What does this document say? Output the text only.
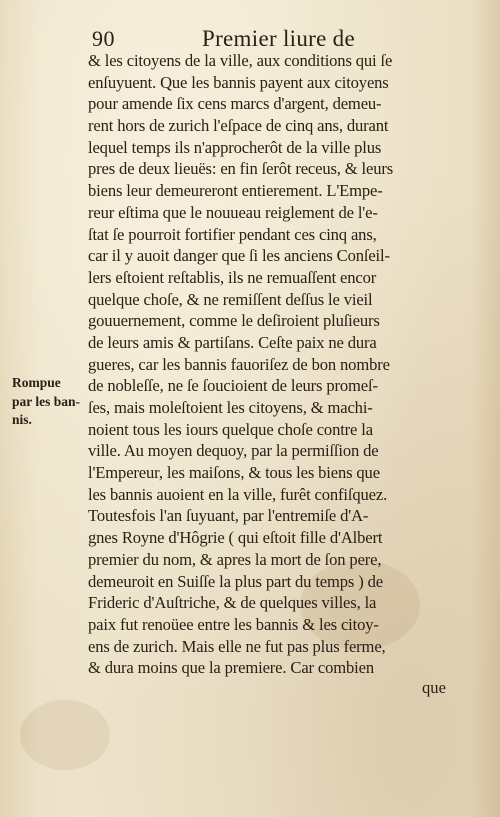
90	Premier liure de
Rompue
par les ban-
nis.
& les citoyens de la ville, aux conditions qui ſe
enſuyuent. Que les bannis payent aux citoyens
pour amende ſix cens marcs d'argent, demeu-
rent hors de zurich l'eſpace de cinq ans, durant
lequel temps ils n'approcherôt de la ville plus
pres de deux lieuës: en fin ſerôt receus, & leurs
biens leur demeureront entierement. L'Empe-
reur eſtima que le nouueau reiglement de l'e-
ſtat ſe pourroit fortifier pendant ces cinq ans,
car il y auoit danger que ſi les anciens Conſeil-
lers eſtoient reſtablis, ils ne remuaſſent encor
quelque choſe, & ne remiſſent deſſus le vieil
gouuernement, comme le deſiroient pluſieurs
de leurs amis & partiſans. Ceſte paix ne dura
gueres, car les bannis fauoriſez de bon nombre
de nobleſſe, ne ſe ſoucioient de leurs promeſ-
ſes, mais moleſtoient les citoyens, & machi-
noient tous les iours quelque choſe contre la
ville. Au moyen dequoy, par la permiſſion de
l'Empereur, les maiſons, & tous les biens que
les bannis auoient en la ville, furêt confiſquez.
Toutesfois l'an ſuyuant, par l'entremiſe d'A-
gnes Royne d'Hôgrie ( qui eſtoit fille d'Albert
premier du nom, & apres la mort de ſon pere,
demeuroit en Suiſſe la plus part du temps ) de
Frideric d'Auſtriche, & de quelques villes, la
paix fut renoüee entre les bannis & les citoy-
ens de zurich. Mais elle ne fut pas plus ferme,
& dura moins que la premiere. Car combien
que
